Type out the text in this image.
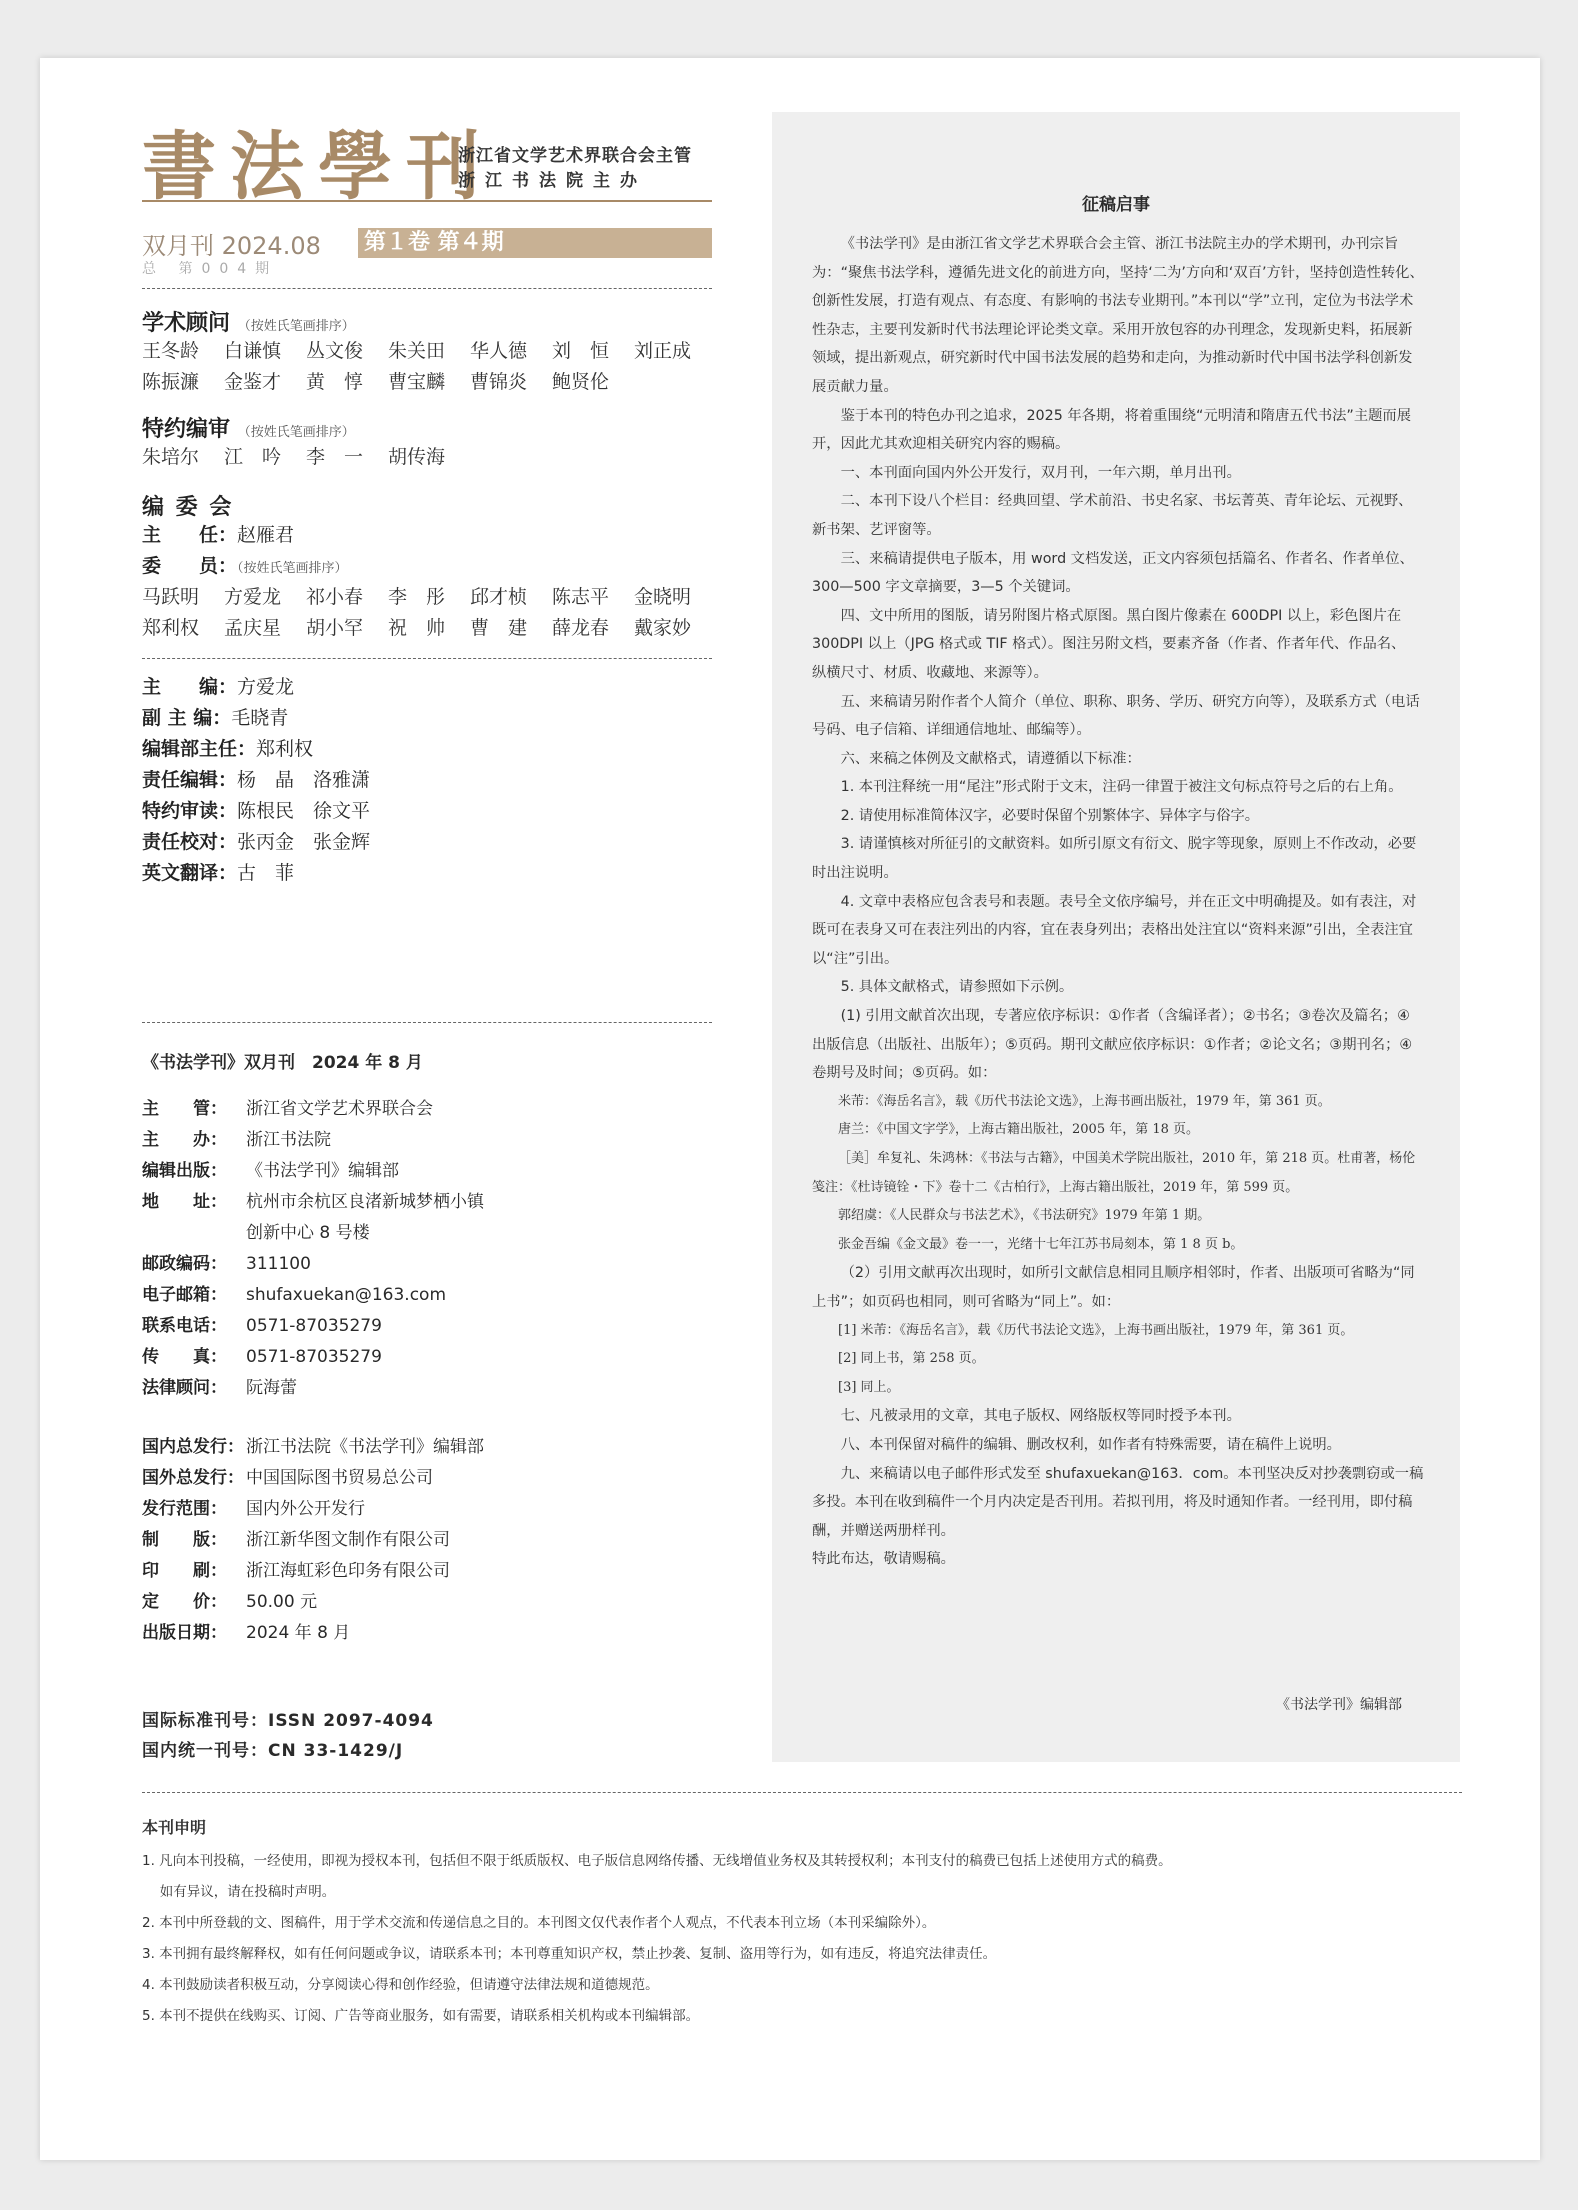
書法學刊
浙江省文学艺术界联合会主管
浙江书法院主办
双月刊 2024.08 第１卷 第４期
总 第004期
学术顾问 （按姓氏笔画排序）
王冬龄 白谦慎 丛文俊 朱关田 华人德 刘　恒 刘正成
陈振濂 金鉴才 黄　惇 曹宝麟 曹锦炎 鲍贤伦
特约编审 （按姓氏笔画排序）
朱培尔 江　吟 李　一 胡传海
编 委 会
主　　任：赵雁君
委　　员：（按姓氏笔画排序）
马跃明 方爱龙 祁小春 李　彤 邱才桢 陈志平 金晓明
郑利权 孟庆星 胡小罕 祝　帅 曹　建 薛龙春 戴家妙
主　　编：方爱龙
副 主 编：毛晓青
编辑部主任：郑利权
责任编辑：杨　晶　洛雅潇
特约审读：陈根民　徐文平
责任校对：张丙金　张金辉
英文翻译：古　菲
《书法学刊》双月刊　2024 年 8 月
主　　管： 浙江省文学艺术界联合会
主　　办： 浙江书法院
编辑出版： 《书法学刊》编辑部
地　　址： 杭州市余杭区良渚新城梦栖小镇
创新中心 8 号楼
邮政编码： 311100
电子邮箱： shufaxuekan@163.com
联系电话： 0571-87035279
传　　真： 0571-87035279
法律顾问： 阮海蕾
国内总发行： 浙江书法院《书法学刊》编辑部
国外总发行： 中国国际图书贸易总公司
发行范围： 国内外公开发行
制　　版： 浙江新华图文制作有限公司
印　　刷： 浙江海虹彩色印务有限公司
定　　价： 50.00 元
出版日期： 2024 年 8 月
国际标准刊号：ISSN 2097-4094
国内统一刊号：CN 33-1429/J
征稿启事

《书法学刊》是由浙江省文学艺术界联合会主管、浙江书法院主办的学术期刊，办刊宗旨为：“聚焦书法学科，遵循先进文化的前进方向，坚持‘二为’方向和‘双百’方针，坚持创造性转化、创新性发展，打造有观点、有态度、有影响的书法专业期刊。”本刊以“学”立刊，定位为书法学术性杂志，主要刊发新时代书法理论评论类文章。采用开放包容的办刊理念，发现新史料，拓展新领域，提出新观点，研究新时代中国书法发展的趋势和走向，为推动新时代中国书法学科创新发展贡献力量。

鉴于本刊的特色办刊之追求，2025 年各期，将着重围绕“元明清和隋唐五代书法”主题而展开，因此尤其欢迎相关研究内容的赐稿。

一、本刊面向国内外公开发行，双月刊，一年六期，单月出刊。

二、本刊下设八个栏目：经典回望、学术前沿、书史名家、书坛菁英、青年论坛、元视野、新书架、艺评窗等。

三、来稿请提供电子版本，用 word 文档发送，正文内容须包括篇名、作者名、作者单位、300—500 字文章摘要，3—5 个关键词。

四、文中所用的图版，请另附图片格式原图。黑白图片像素在 600DPI 以上，彩色图片在 300DPI 以上（JPG 格式或 TIF 格式）。图注另附文档，要素齐备（作者、作者年代、作品名、

纵横尺寸、材质、收藏地、来源等）。

五、来稿请另附作者个人简介（单位、职称、职务、学历、研究方向等），及联系方式（电话号码、电子信箱、详细通信地址、邮编等）。

六、来稿之体例及文献格式，请遵循以下标准：

1. 本刊注释统一用“尾注”形式附于文末，注码一律置于被注文句标点符号之后的右上角。

2. 请使用标准简体汉字，必要时保留个别繁体字、异体字与俗字。

3. 请谨慎核对所征引的文献资料。如所引原文有衍文、脱字等现象，原则上不作改动，必要时出注说明。

4. 文章中表格应包含表号和表题。表号全文依序编号，并在正文中明确提及。如有表注，对既可在表身又可在表注列出的内容，宜在表身列出；表格出处注宜以“资料来源”引出，全表注宜以“注”引出。

5. 具体文献格式，请参照如下示例。

(1) 引用文献首次出现，专著应依序标识：①作者（含编译者）；②书名；③卷次及篇名；④出版信息（出版社、出版年）；⑤页码。期刊文献应依序标识：①作者；②论文名；③期刊名；④卷期号及时间；⑤页码。如：

米芾：《海岳名言》，载《历代书法论文选》，上海书画出版社，1979 年，第 361 页。

唐兰：《中国文字学》，上海古籍出版社，2005 年，第 18 页。

［美］牟复礼、朱鸿林：《书法与古籍》，中国美术学院出版社，2010 年，第 218 页。杜甫著，杨伦笺注：《杜诗镜铨・下》卷十二《古柏行》，上海古籍出版社，2019 年，第 599 页。

郭绍虞：《人民群众与书法艺术》，《书法研究》1979 年第 1 期。

张金吾编《金文最》卷一一，光绪十七年江苏书局刻本，第 1 8 页 b。

（2）引用文献再次出现时，如所引文献信息相同且顺序相邻时，作者、出版项可省略为“同上书”；如页码也相同，则可省略为“同上”。如：

[1] 米芾：《海岳名言》，载《历代书法论文选》，上海书画出版社，1979 年，第 361 页。

[2] 同上书，第 258 页。

[3] 同上。

七、凡被录用的文章，其电子版权、网络版权等同时授予本刊。

八、本刊保留对稿件的编辑、删改权利，如作者有特殊需要，请在稿件上说明。

九、来稿请以电子邮件形式发至 shufaxuekan@163．com。本刊坚决反对抄袭剽窃或一稿多投。本刊在收到稿件一个月内决定是否刊用。若拟刊用，将及时通知作者。一经刊用，即付稿酬，并赠送两册样刊。

特此布达，敬请赐稿。

《书法学刊》编辑部
本刊申明
1. 凡向本刊投稿，一经使用，即视为授权本刊，包括但不限于纸质版权、电子版信息网络传播、无线增值业务权及其转授权利；本刊支付的稿费已包括上述使用方式的稿费。
　 如有异议，请在投稿时声明。
2. 本刊中所登载的文、图稿件，用于学术交流和传递信息之目的。本刊图文仅代表作者个人观点，不代表本刊立场（本刊采编除外）。
3. 本刊拥有最终解释权，如有任何问题或争议，请联系本刊；本刊尊重知识产权，禁止抄袭、复制、盗用等行为，如有违反，将追究法律责任。
4. 本刊鼓励读者积极互动，分享阅读心得和创作经验，但请遵守法律法规和道德规范。
5. 本刊不提供在线购买、订阅、广告等商业服务，如有需要，请联系相关机构或本刊编辑部。
